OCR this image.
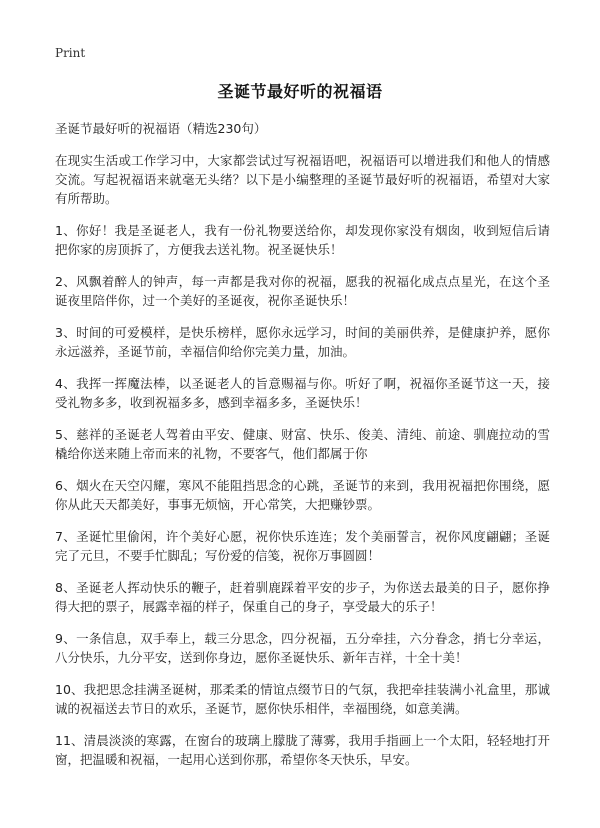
Print
圣诞节最好听的祝福语
圣诞节最好听的祝福语（精选230句）
在现实生活或工作学习中，大家都尝试过写祝福语吧，祝福语可以增进我们和他人的情感交流。写起祝福语来就毫无头绪？以下是小编整理的圣诞节最好听的祝福语，希望对大家有所帮助。
1、你好！我是圣诞老人，我有一份礼物要送给你，却发现你家没有烟囱，收到短信后请把你家的房顶拆了，方便我去送礼物。祝圣诞快乐！
2、风飘着醉人的钟声，每一声都是我对你的祝福，愿我的祝福化成点点星光，在这个圣诞夜里陪伴你，过一个美好的圣诞夜，祝你圣诞快乐！
3、时间的可爱模样，是快乐榜样，愿你永远学习，时间的美丽供养，是健康护养，愿你永远滋养，圣诞节前，幸福信仰给你完美力量，加油。
4、我挥一挥魔法棒，以圣诞老人的旨意赐福与你。听好了啊，祝福你圣诞节这一天，接受礼物多多，收到祝福多多，感到幸福多多，圣诞快乐！
5、慈祥的圣诞老人驾着由平安、健康、财富、快乐、俊美、清纯、前途、驯鹿拉动的雪橇给你送来随上帝而来的礼物，不要客气，他们都属于你
6、烟火在天空闪耀，寒风不能阻挡思念的心跳，圣诞节的来到，我用祝福把你围绕，愿你从此天天都美好，事事无烦恼，开心常笑，大把赚钞票。
7、圣诞忙里偷闲，许个美好心愿，祝你快乐连连；发个美丽誓言，祝你风度翩翩；圣诞完了元旦，不要手忙脚乱；写份爱的信笺，祝你万事圆圆！
8、圣诞老人挥动快乐的鞭子，赶着驯鹿踩着平安的步子，为你送去最美的日子，愿你挣得大把的票子，展露幸福的样子，保重自己的身子，享受最大的乐子！
9、一条信息，双手奉上，载三分思念，四分祝福，五分牵挂，六分眷念，捎七分幸运，八分快乐，九分平安，送到你身边，愿你圣诞快乐、新年吉祥，十全十美！
10、我把思念挂满圣诞树，那柔柔的情谊点缀节日的气氛，我把牵挂装满小礼盒里，那诚诚的祝福送去节日的欢乐，圣诞节，愿你快乐相伴，幸福围绕，如意美满。
11、清晨淡淡的寒露，在窗台的玻璃上朦胧了薄雾，我用手指画上一个太阳，轻轻地打开窗，把温暖和祝福，一起用心送到你那，希望你冬天快乐，早安。
